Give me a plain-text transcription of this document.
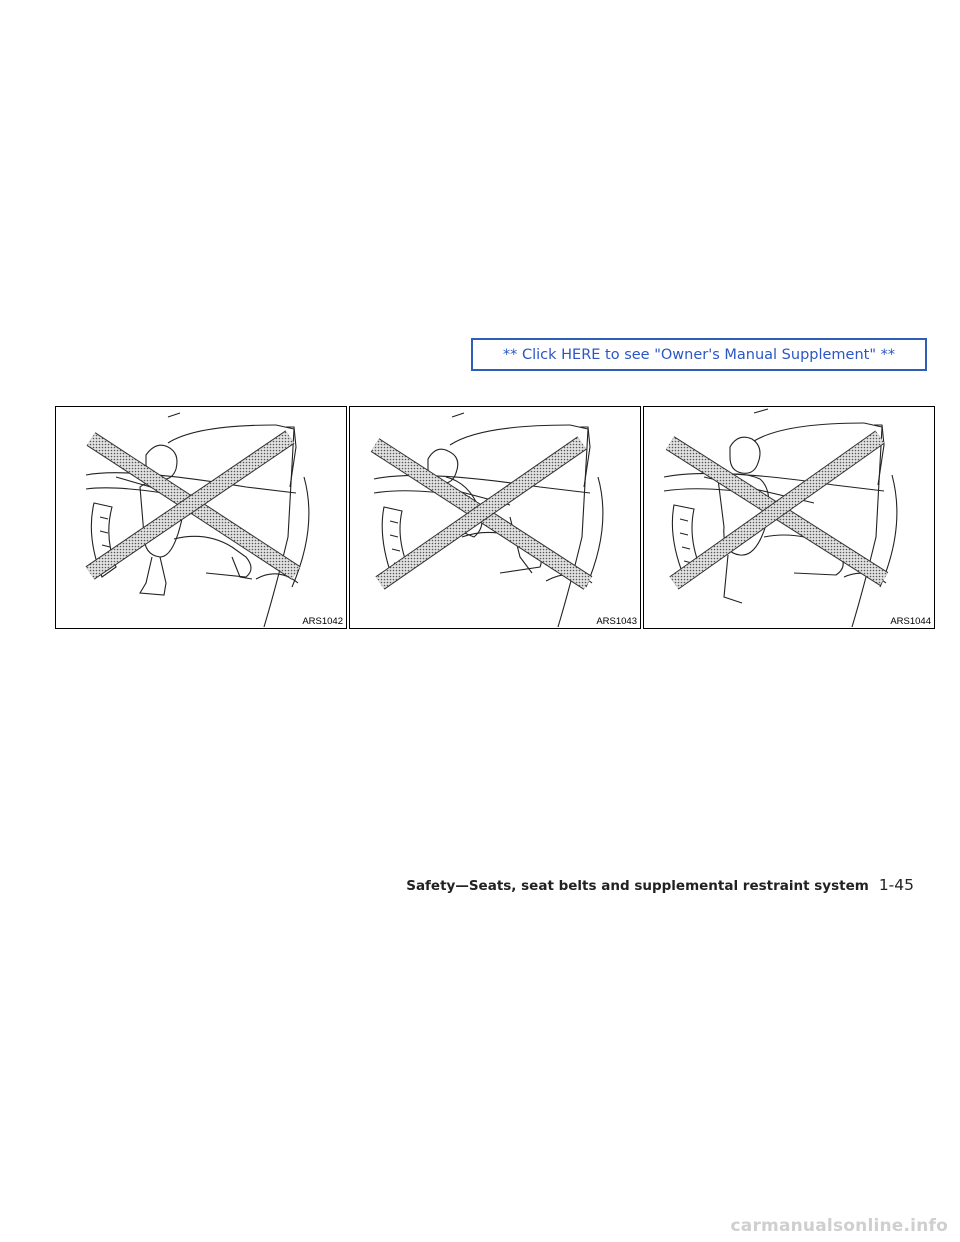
** Click HERE to see "Owner's Manual Supplement" **
ARS1042	ARS1043	ARS1044
Safety—Seats, seat belts and supplemental restraint system 1-45
carmanualsonline.info
